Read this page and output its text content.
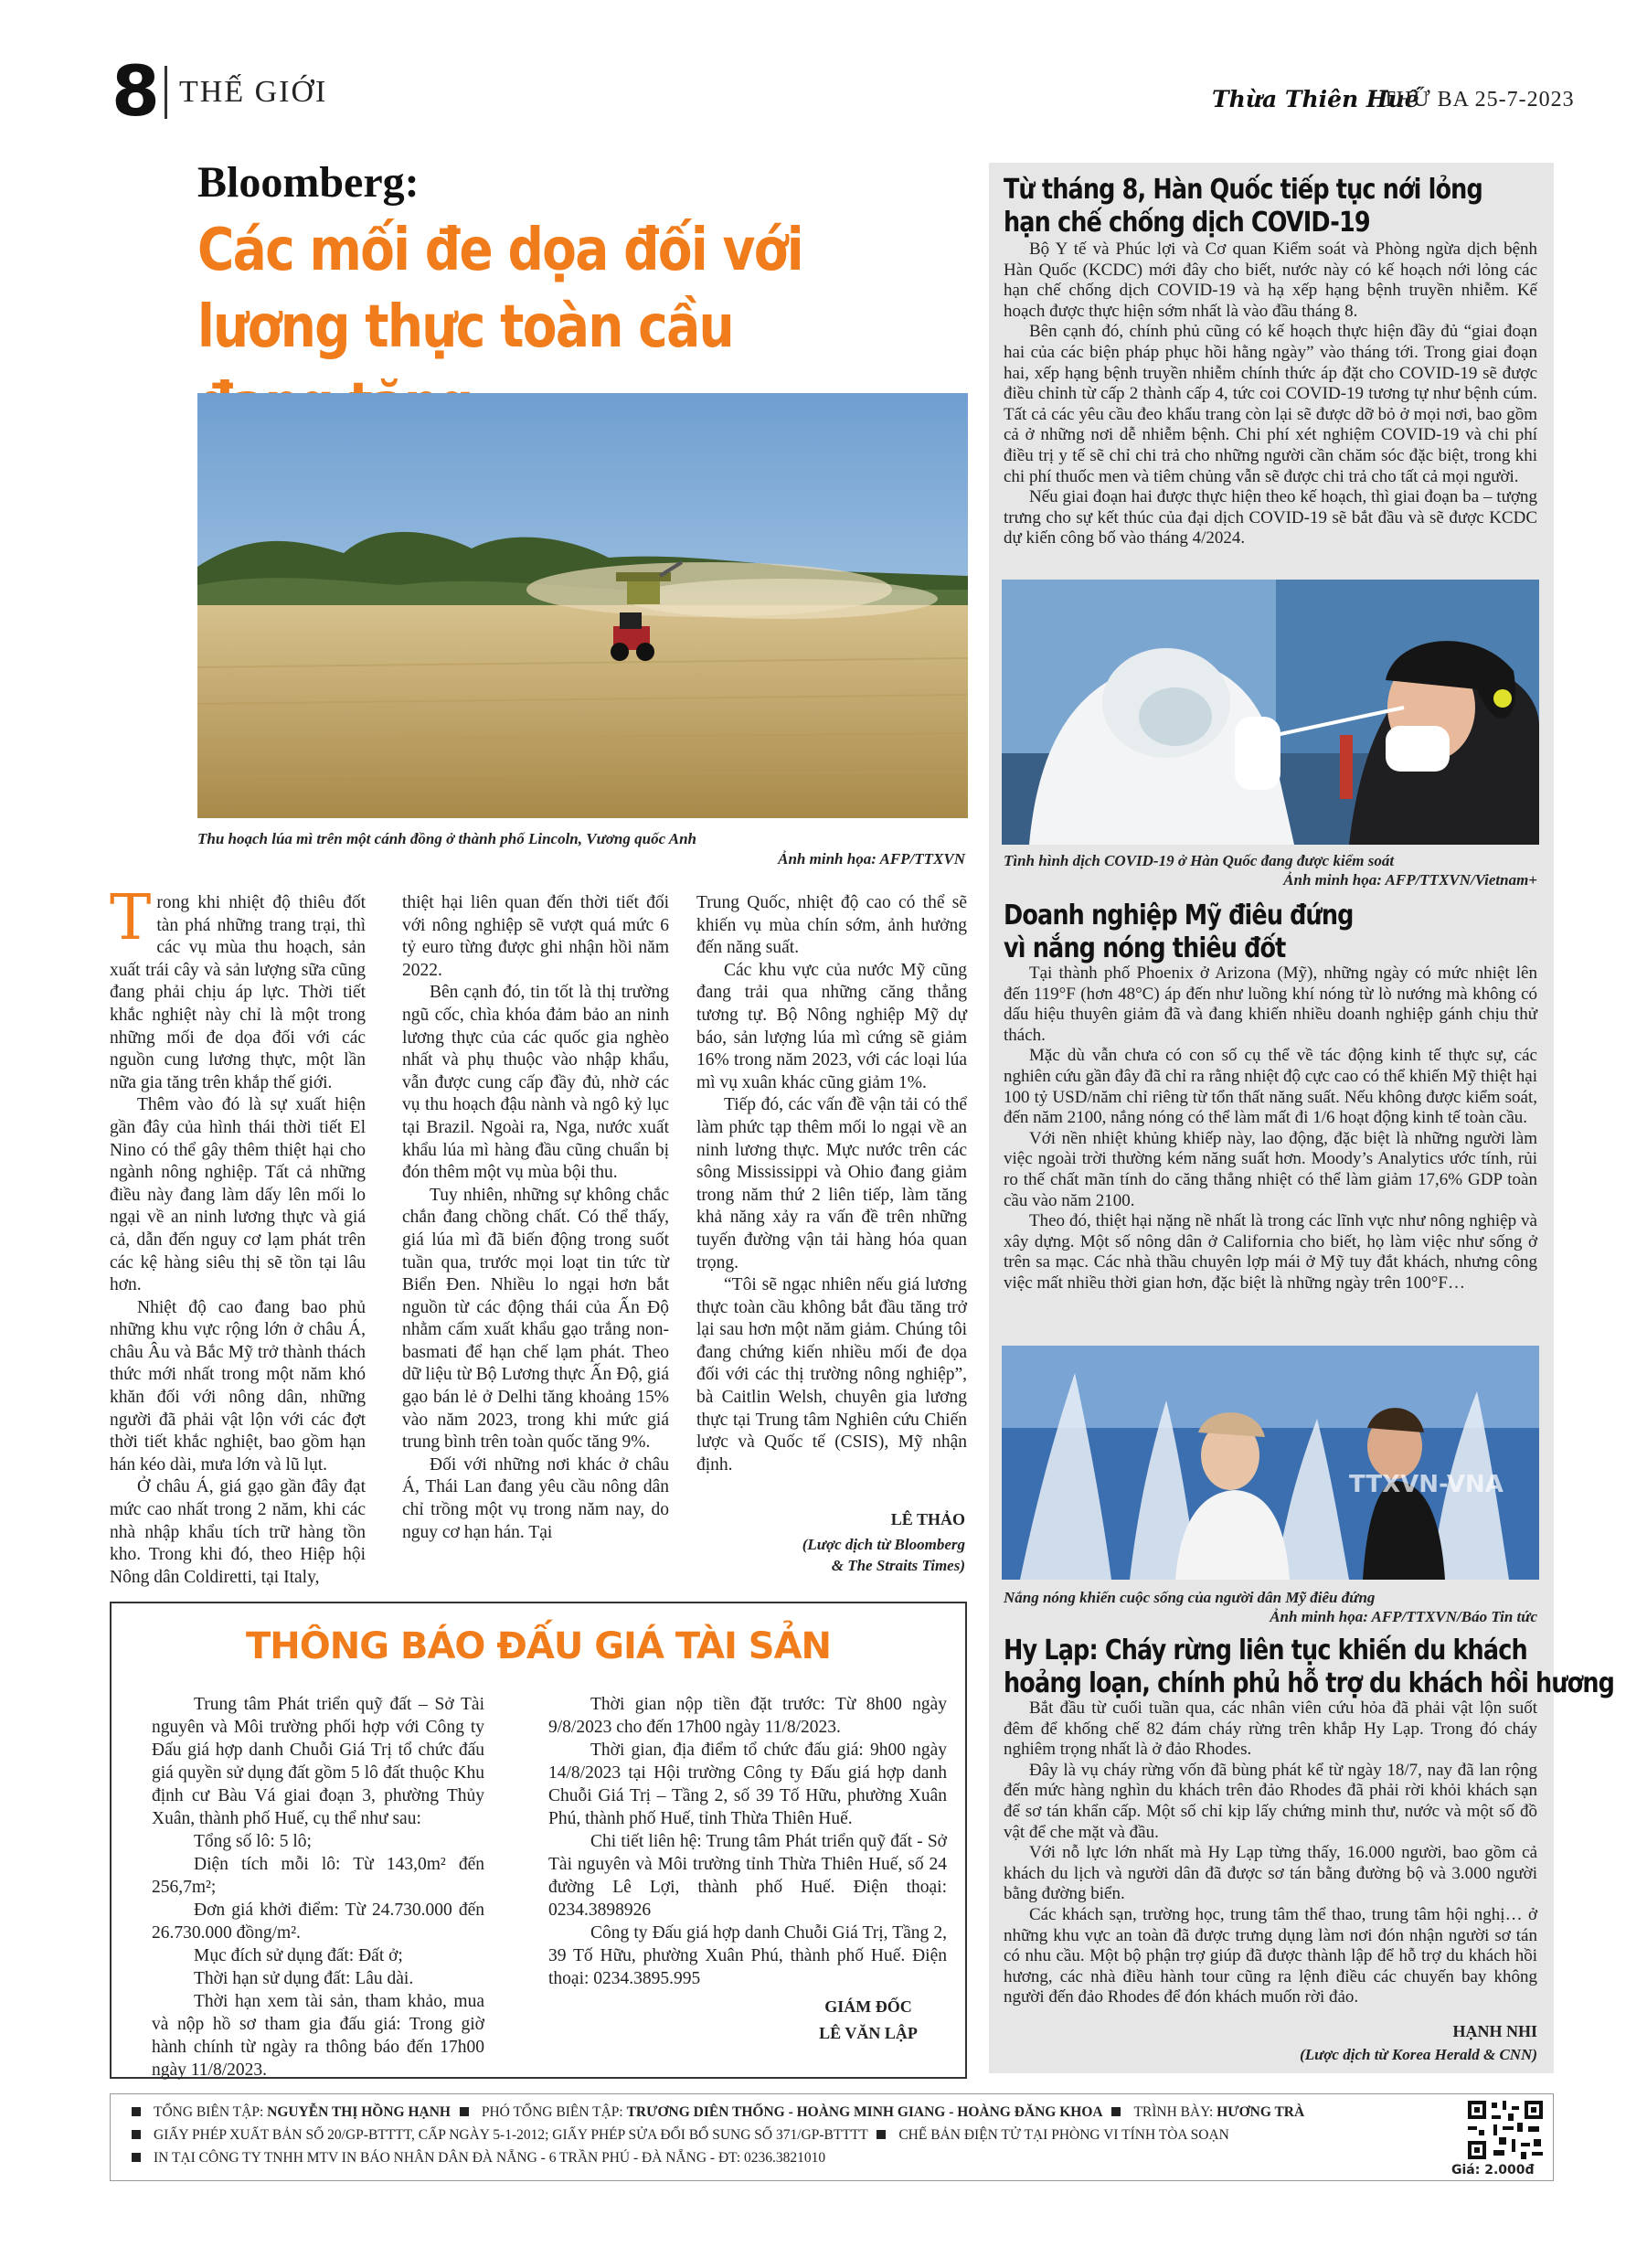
8 THẾ GIỚI	Thừa Thiên Huế
THỨ BA 25-7-2023
Bloomberg:
Các mối đe dọa đối với lương thực toàn cầu
Thu hoạch lúa mì trên một cánh đồng ở thành phố Lincoln, Vương quốc Anh
Ảnh minh họa: AFP/TTXVN
T rong khi nhiệt độ thiêu đốt tàn phá những trang trại, thì các vụ mùa thu hoạch, sản xuất trái cây và sản lượng sữa cũng đang phải chịu áp lực. Thời tiết khắc nghiệt này chỉ là một trong những mối đe dọa đối với các nguồn cung lương thực, một lần nữa gia tăng trên khắp thế giới.

Thêm vào đó là sự xuất hiện gần đây của hình thái thời tiết El Nino có thể gây thêm thiệt hại cho ngành nông nghiệp. Tất cả những điều này đang làm dấy lên mối lo ngại về an ninh lương thực và giá cả, dẫn đến nguy cơ lạm phát trên các kệ hàng siêu thị sẽ tồn tại lâu hơn.

Nhiệt độ cao đang bao phủ những khu vực rộng lớn ở châu Á, châu Âu và Bắc Mỹ trở thành thách thức mới nhất trong một năm khó khăn đối với nông dân, những người đã phải vật lộn với các đợt thời tiết khắc nghiệt, bao gồm hạn hán kéo dài, mưa lớn và lũ lụt.

Ở châu Á, giá gạo gần đây đạt mức cao nhất trong 2 năm, khi các nhà nhập khẩu tích trữ hàng tồn kho. Trong khi đó, theo Hiệp hội Nông dân Coldiretti, tại Italy,

thiệt hại liên quan đến thời tiết đối với nông nghiệp sẽ vượt quá mức 6 tỷ euro từng được ghi nhận hồi năm 2022.

Bên cạnh đó, tin tốt là thị trường ngũ cốc, chìa khóa đảm bảo an ninh lương thực của các quốc gia nghèo nhất và phụ thuộc vào nhập khẩu, vẫn được cung cấp đầy đủ, nhờ các vụ thu hoạch đậu nành và ngô kỷ lục tại Brazil. Ngoài ra, Nga, nước xuất khẩu lúa mì hàng đầu cũng chuẩn bị đón thêm một vụ mùa bội thu.

Tuy nhiên, những sự không chắc chắn đang chồng chất. Có thể thấy, giá lúa mì đã biến động trong suốt tuần qua, trước mọi loạt tin tức từ Biển Đen. Nhiều lo ngại hơn bắt nguồn từ các động thái của Ấn Độ nhằm cấm xuất khẩu gạo trắng non-basmati để hạn chế lạm phát. Theo dữ liệu từ Bộ Lương thực Ấn Độ, giá gạo bán lẻ ở Delhi tăng khoảng 15% vào năm 2023, trong khi mức giá trung bình trên toàn quốc tăng 9%.

Đối với những nơi khác ở châu Á, Thái Lan đang yêu cầu nông dân chỉ trồng một vụ trong năm nay, do nguy cơ hạn hán. Tại

Trung Quốc, nhiệt độ cao có thể sẽ khiến vụ mùa chín sớm, ảnh hưởng đến năng suất.

Các khu vực của nước Mỹ cũng đang trải qua những căng thẳng tương tự. Bộ Nông nghiệp Mỹ dự báo, sản lượng lúa mì cứng sẽ giảm 16% trong năm 2023, với các loại lúa mì vụ xuân khác cũng giảm 1%.

Tiếp đó, các vấn đề vận tải có thể làm phức tạp thêm mối lo ngại về an ninh lương thực. Mực nước trên các sông Mississippi và Ohio đang giảm trong năm thứ 2 liên tiếp, làm tăng khả năng xảy ra vấn đề trên những tuyến đường vận tải hàng hóa quan trọng.

“Tôi sẽ ngạc nhiên nếu giá lương thực toàn cầu không bắt đầu tăng trở lại sau hơn một năm giảm. Chúng tôi đang chứng kiến nhiều mối đe dọa đối với các thị trường nông nghiệp”, bà Caitlin Welsh, chuyên gia lương thực tại Trung tâm Nghiên cứu Chiến lược và Quốc tế (CSIS), Mỹ nhận định.

LÊ THẢO
(Lược dịch từ Bloomberg
& The Straits Times)
THÔNG BÁO ĐẤU GIÁ TÀI SẢN

Trung tâm Phát triển quỹ đất – Sở Tài nguyên và Môi trường phối hợp với Công ty Đấu giá hợp danh Chuỗi Giá Trị tổ chức đấu giá quyền sử dụng đất gồm 5 lô đất thuộc Khu định cư Bàu Vá giai đoạn 3, phường Thủy Xuân, thành phố Huế, cụ thể như sau:

Tổng số lô: 5 lô;

Diện tích mỗi lô: Từ 143,0m² đến 256,7m²;

Đơn giá khởi điểm: Từ 24.730.000 đến 26.730.000 đồng/m².

Mục đích sử dụng đất: Đất ở;

Thời hạn sử dụng đất: Lâu dài.

Thời hạn xem tài sản, tham khảo, mua và nộp hồ sơ tham gia đấu giá: Trong giờ hành chính từ ngày ra thông báo đến 17h00 ngày 11/8/2023.

Thời gian nộp tiền đặt trước: Từ 8h00 ngày 9/8/2023 cho đến 17h00 ngày 11/8/2023.

Thời gian, địa điểm tổ chức đấu giá: 9h00 ngày 14/8/2023 tại Hội trường Công ty Đấu giá hợp danh Chuỗi Giá Trị – Tầng 2, số 39 Tố Hữu, phường Xuân Phú, thành phố Huế, tỉnh Thừa Thiên Huế.

Chi tiết liên hệ: Trung tâm Phát triển quỹ đất - Sở Tài nguyên và Môi trường tỉnh Thừa Thiên Huế, số 24 đường Lê Lợi, thành phố Huế. Điện thoại: 0234.3898926

Công ty Đấu giá hợp danh Chuỗi Giá Trị, Tầng 2, 39 Tố Hữu, phường Xuân Phú, thành phố Huế. Điện thoại: 0234.3895.995

GIÁM ĐỐC
LÊ VĂN LẬP
Từ tháng 8, Hàn Quốc tiếp tục nới lỏng
hạn chế chống dịch COVID-19

Bộ Y tế và Phúc lợi và Cơ quan Kiểm soát và Phòng ngừa dịch bệnh Hàn Quốc (KCDC) mới đây cho biết, nước này có kế hoạch nới lỏng các hạn chế chống dịch COVID-19 và hạ xếp hạng bệnh truyền nhiễm. Kế hoạch được thực hiện sớm nhất là vào đầu tháng 8.

Bên cạnh đó, chính phủ cũng có kế hoạch thực hiện đầy đủ “giai đoạn hai của các biện pháp phục hồi hằng ngày” vào tháng tới. Trong giai đoạn hai, xếp hạng bệnh truyền nhiễm chính thức áp đặt cho COVID-19 sẽ được điều chỉnh từ cấp 2 thành cấp 4, tức coi COVID-19 tương tự như bệnh cúm. Tất cả các yêu cầu đeo khẩu trang còn lại sẽ được dỡ bỏ ở mọi nơi, bao gồm cả ở những nơi dễ nhiễm bệnh. Chi phí xét nghiệm COVID-19 và chi phí điều trị y tế sẽ chỉ chi trả cho những người cần chăm sóc đặc biệt, trong khi chi phí thuốc men và tiêm chủng vẫn sẽ được chi trả cho tất cả mọi người.

Nếu giai đoạn hai được thực hiện theo kế hoạch, thì giai đoạn ba – tượng trưng cho sự kết thúc của đại dịch COVID-19 sẽ bắt đầu và sẽ được KCDC dự kiến công bố vào tháng 4/2024.

Tình hình dịch COVID-19 ở Hàn Quốc đang được kiểm soát
Ảnh minh họa: AFP/TTXVN/Vietnam+
Doanh nghiệp Mỹ điêu đứng
vì nắng nóng thiêu đốt

Tại thành phố Phoenix ở Arizona (Mỹ), những ngày có mức nhiệt lên đến 119°F (hơn 48°C) áp đến như luồng khí nóng từ lò nướng mà không có dấu hiệu thuyên giảm đã và đang khiến nhiều doanh nghiệp gánh chịu thử thách.

Mặc dù vẫn chưa có con số cụ thể về tác động kinh tế thực sự, các nghiên cứu gần đây đã chỉ ra rằng nhiệt độ cực cao có thể khiến Mỹ thiệt hại 100 tỷ USD/năm chỉ riêng từ tổn thất năng suất. Nếu không được kiểm soát, đến năm 2100, nắng nóng có thể làm mất đi 1/6 hoạt động kinh tế toàn cầu.

Với nền nhiệt khủng khiếp này, lao động, đặc biệt là những người làm việc ngoài trời thường kém năng suất hơn. Moody’s Analytics ước tính, rủi ro thế chất mãn tính do căng thẳng nhiệt có thể làm giảm 17,6% GDP toàn cầu vào năm 2100.

Theo đó, thiệt hại nặng nề nhất là trong các lĩnh vực như nông nghiệp và xây dựng. Một số nông dân ở California cho biết, họ làm việc như sống ở trên sa mạc. Các nhà thầu chuyên lợp mái ở Mỹ tuy đắt khách, nhưng công việc mất nhiều thời gian hơn, đặc biệt là những ngày trên 100°F…

TTXVN-VNA
Nắng nóng khiến cuộc sống của người dân Mỹ điêu đứng
Ảnh minh họa: AFP/TTXVN/Báo Tin tức
Hy Lạp: Cháy rừng liên tục khiến du khách
hoảng loạn, chính phủ hỗ trợ du khách hồi hương

Bắt đầu từ cuối tuần qua, các nhân viên cứu hỏa đã phải vật lộn suốt đêm để khống chế 82 đám cháy rừng trên khắp Hy Lạp. Trong đó cháy nghiêm trọng nhất là ở đảo Rhodes.

Đây là vụ cháy rừng vốn đã bùng phát kể từ ngày 18/7, nay đã lan rộng đến mức hàng nghìn du khách trên đảo Rhodes đã phải rời khỏi khách sạn để sơ tán khẩn cấp. Một số chỉ kịp lấy chứng minh thư, nước và một số đồ vật để che mặt và đầu.

Với nỗ lực lớn nhất mà Hy Lạp từng thấy, 16.000 người, bao gồm cả khách du lịch và người dân đã được sơ tán bằng đường bộ và 3.000 người bằng đường biển.

Các khách sạn, trường học, trung tâm thể thao, trung tâm hội nghị… ở những khu vực an toàn đã được trưng dụng làm nơi đón nhận người sơ tán có nhu cầu. Một bộ phận trợ giúp đã được thành lập để hỗ trợ du khách hồi hương, các nhà điều hành tour cũng ra lệnh điều các chuyến bay không người đến đảo Rhodes để đón khách muốn rời đảo.

HẠNH NHI
(Lược dịch từ Korea Herald & CNN)
TỔNG BIÊN TẬP: NGUYỄN THỊ HỒNG HẠNH PHÓ TỔNG BIÊN TẬP: TRƯƠNG DIÊN THỐNG - HOÀNG MINH GIANG - HOÀNG ĐĂNG KHOA TRÌNH BÀY: HƯƠNG TRÀ
GIẤY PHÉP XUẤT BẢN SỐ 20/GP-BTTTT, CẤP NGÀY 5-1-2012; GIẤY PHÉP SỬA ĐỔI BỔ SUNG SỐ 371/GP-BTTTT CHẾ BẢN ĐIỆN TỬ TẠI PHÒNG VI TÍNH TÒA SOẠN
IN TẠI CÔNG TY TNHH MTV IN BÁO NHÂN DÂN ĐÀ NẴNG - 6 TRẦN PHÚ - ĐÀ NẴNG - ĐT: 0236.3821010
Giá: 2.000đ
